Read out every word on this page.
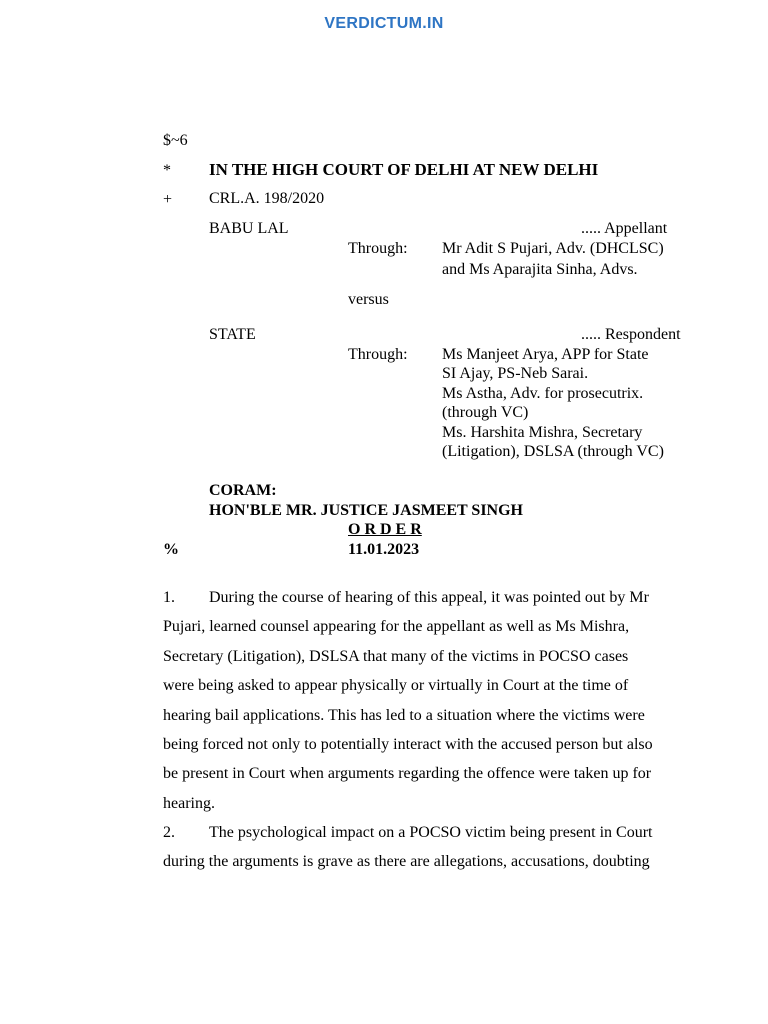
VERDICTUM.IN
$~6
* IN THE HIGH COURT OF DELHI AT NEW DELHI
+ CRL.A. 198/2020
BABU LAL	..... Appellant
Through: Mr Adit S Pujari, Adv. (DHCLSC)
and Ms Aparajita Sinha, Advs.
versus
STATE	..... Respondent
Through: Ms Manjeet Arya, APP for State
SI Ajay, PS-Neb Sarai.
Ms Astha, Adv. for prosecutrix.
(through VC)
Ms. Harshita Mishra, Secretary
(Litigation), DSLSA (through VC)
CORAM:
HON'BLE MR. JUSTICE JASMEET SINGH
O R D E R
%	11.01.2023
1. During the course of hearing of this appeal, it was pointed out by Mr
Pujari, learned counsel appearing for the appellant as well as Ms Mishra,
Secretary (Litigation), DSLSA that many of the victims in POCSO cases
were being asked to appear physically or virtually in Court at the time of
hearing bail applications. This has led to a situation where the victims were
being forced not only to potentially interact with the accused person but also
be present in Court when arguments regarding the offence were taken up for
hearing.
2. The psychological impact on a POCSO victim being present in Court
during the arguments is grave as there are allegations, accusations, doubting
